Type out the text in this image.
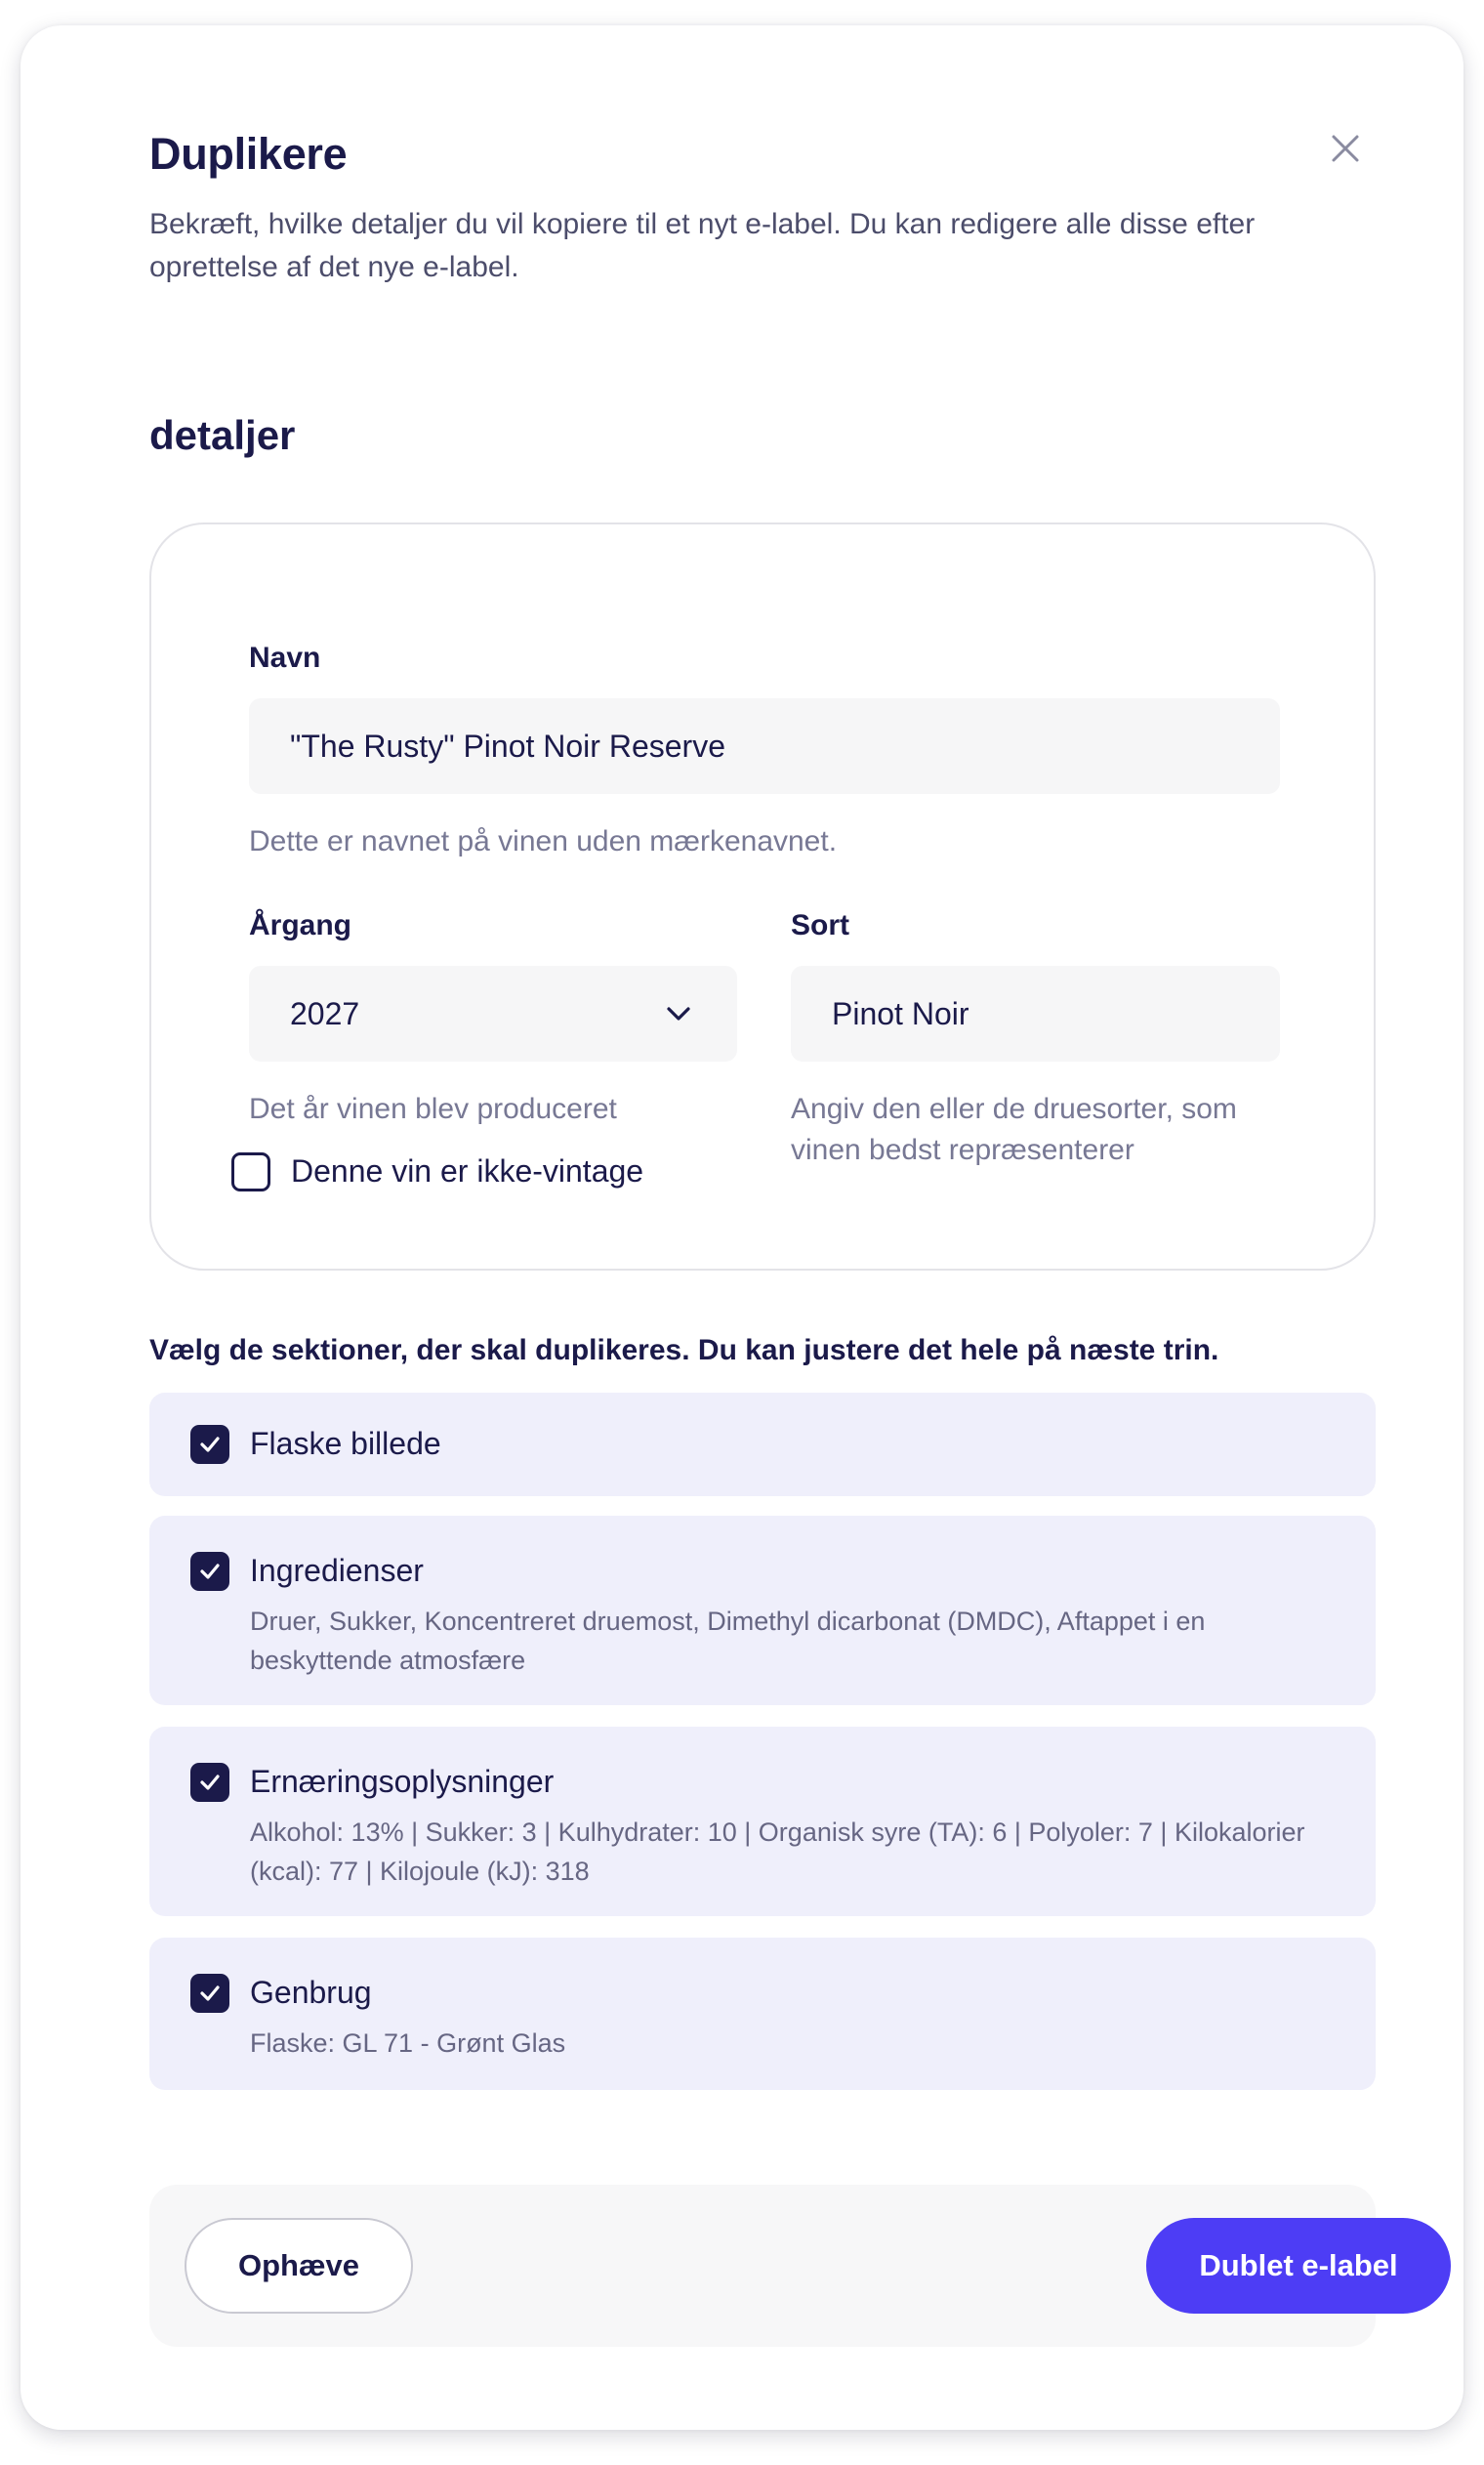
Duplikere

Bekræft, hvilke detaljer du vil kopiere til et nyt e-label. Du kan redigere alle disse efter oprettelse af det nye e-label.

detaljer
Navn
"The Rusty" Pinot Noir Reserve

Dette er navnet på vinen uden mærkenavnet.

Årgang
2027

Det år vinen blev produceret

Sort
Pinot Noir

Angiv den eller de druesorter, som vinen bedst repræsenterer

Denne vin er ikke-vintage

Vælg de sektioner, der skal duplikeres. Du kan justere det hele på næste trin.

Flaske billede
Ingredienser

Druer, Sukker, Koncentreret druemost, Dimethyl dicarbonat (DMDC), Aftappet i en beskyttende atmosfære

Ernæringsoplysninger

Alkohol: 13% | Sukker: 3 | Kulhydrater: 10 | Organisk syre (TA): 6 | Polyoler: 7 | Kilokalorier (kcal): 77 | Kilojoule (kJ): 318

Genbrug

Flaske: GL 71 - Grønt Glas

Ophæve	Dublet e-label
